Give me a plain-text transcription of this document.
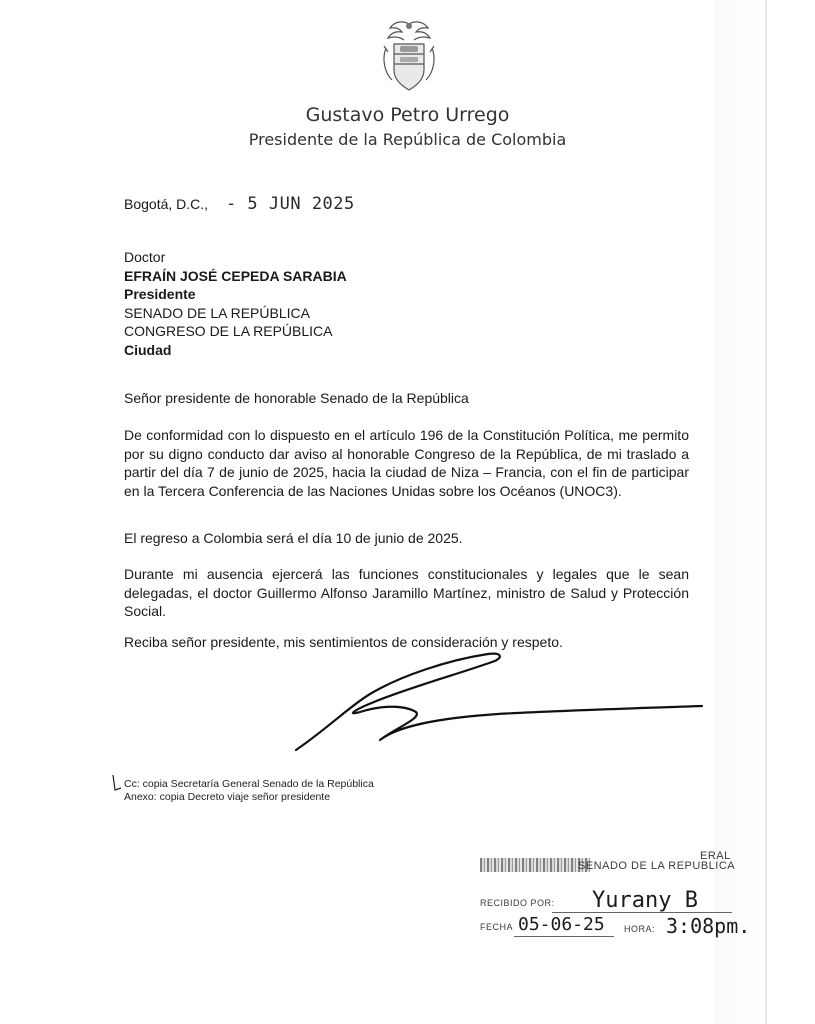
Gustavo Petro Urrego
Presidente de la República de Colombia
Bogotá, D.C., - 5 JUN 2025
Doctor
EFRAÍN JOSÉ CEPEDA SARABIA
Presidente
SENADO DE LA REPÚBLICA
CONGRESO DE LA REPÚBLICA
Ciudad
Señor presidente de honorable Senado de la República
De conformidad con lo dispuesto en el artículo 196 de la Constitución Política, me permito por su digno conducto dar aviso al honorable Congreso de la República, de mi traslado a partir del día 7 de junio de 2025, hacia la ciudad de Niza – Francia, con el fin de participar en la Tercera Conferencia de las Naciones Unidas sobre los Océanos (UNOC3).
El regreso a Colombia será el día 10 de junio de 2025.
Durante mi ausencia ejercerá las funciones constitucionales y legales que le sean delegadas, el doctor Guillermo Alfonso Jaramillo Martínez, ministro de Salud y Protección Social.
Reciba señor presidente, mis sentimientos de consideración y respeto.
Cc: copia Secretaría General Senado de la República
Anexo: copia Decreto viaje señor presidente
SENADO DE LA REPUBLICA
ERAL
RECIBIDO POR: Yurany B
FECHA 05-06-25 HORA: 3:08pm.
